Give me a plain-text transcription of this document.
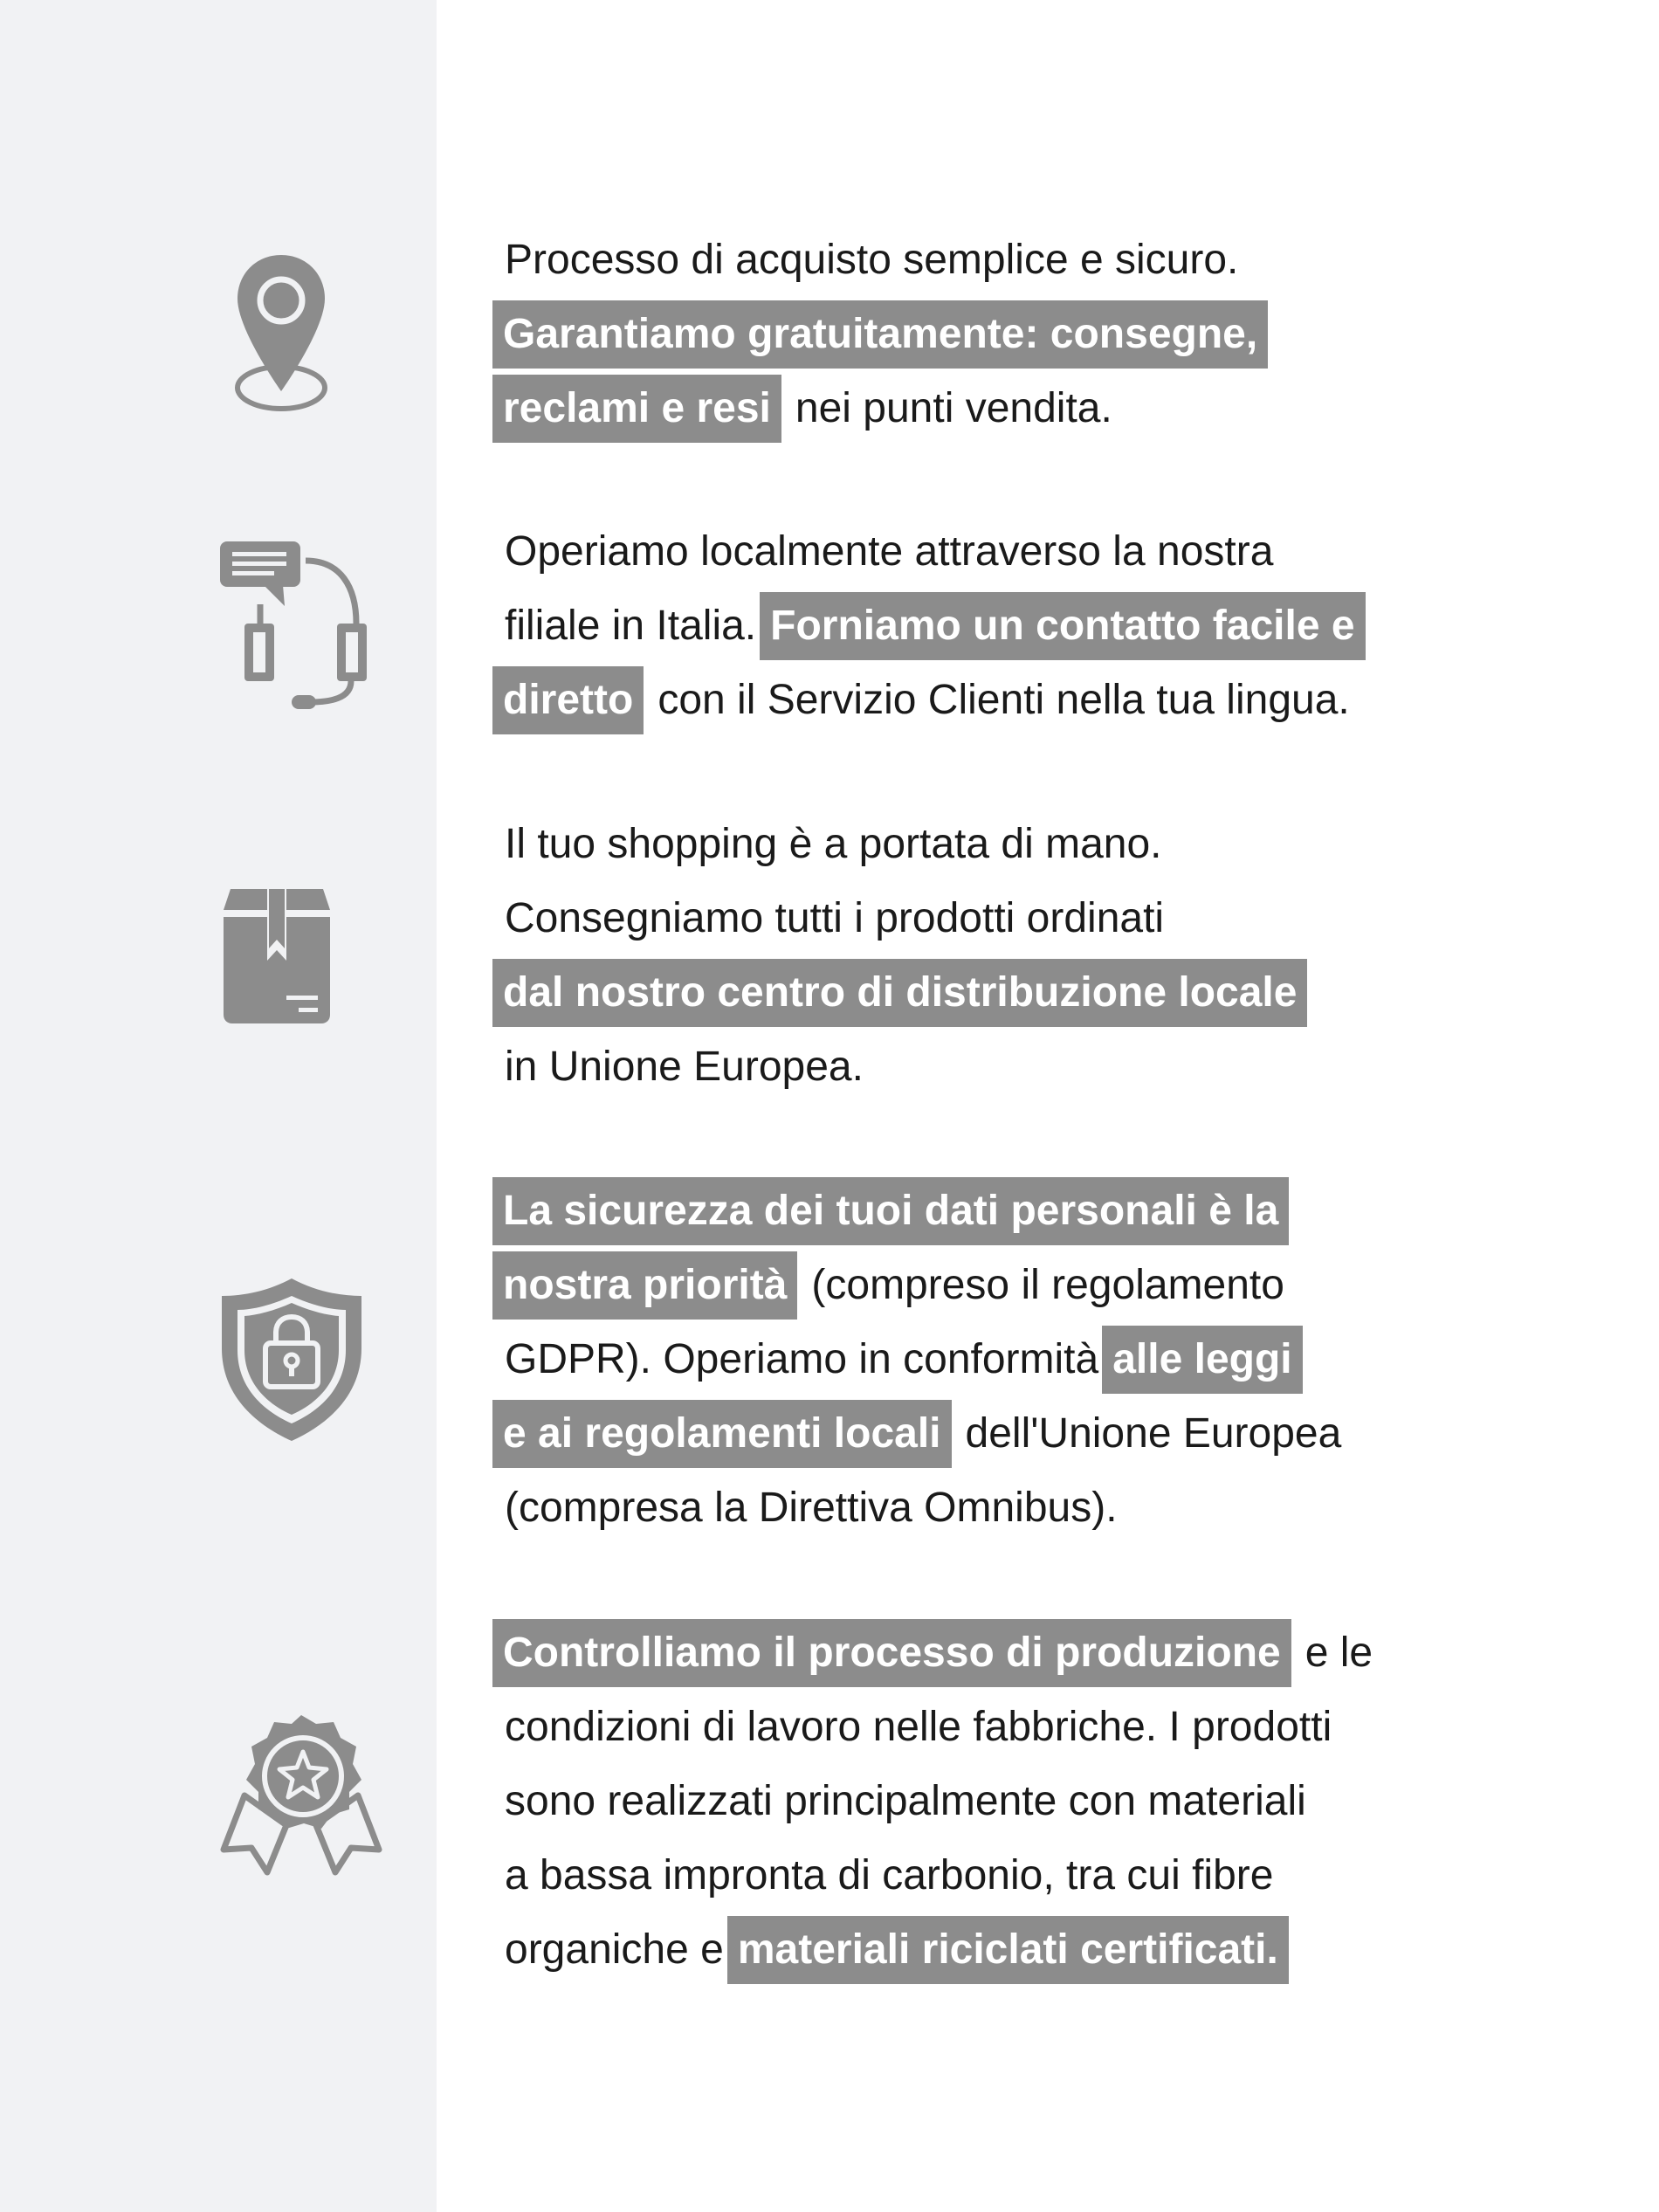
Processo di acquisto semplice e sicuro.
Garantiamo gratuitamente: consegne,
reclami e resi nei punti vendita.
Operiamo localmente attraverso la nostra
filiale in Italia. Forniamo un contatto facile e
diretto con il Servizio Clienti nella tua lingua.
Il tuo shopping è a portata di mano.
Consegniamo tutti i prodotti ordinati
dal nostro centro di distribuzione locale
in Unione Europea.
La sicurezza dei tuoi dati personali è la
nostra priorità (compreso il regolamento
GDPR). Operiamo in conformità alle leggi
e ai regolamenti locali dell'Unione Europea
(compresa la Direttiva Omnibus).
Controlliamo il processo di produzione e le
condizioni di lavoro nelle fabbriche. I prodotti
sono realizzati principalmente con materiali
a bassa impronta di carbonio, tra cui fibre
organiche e materiali riciclati certificati.
